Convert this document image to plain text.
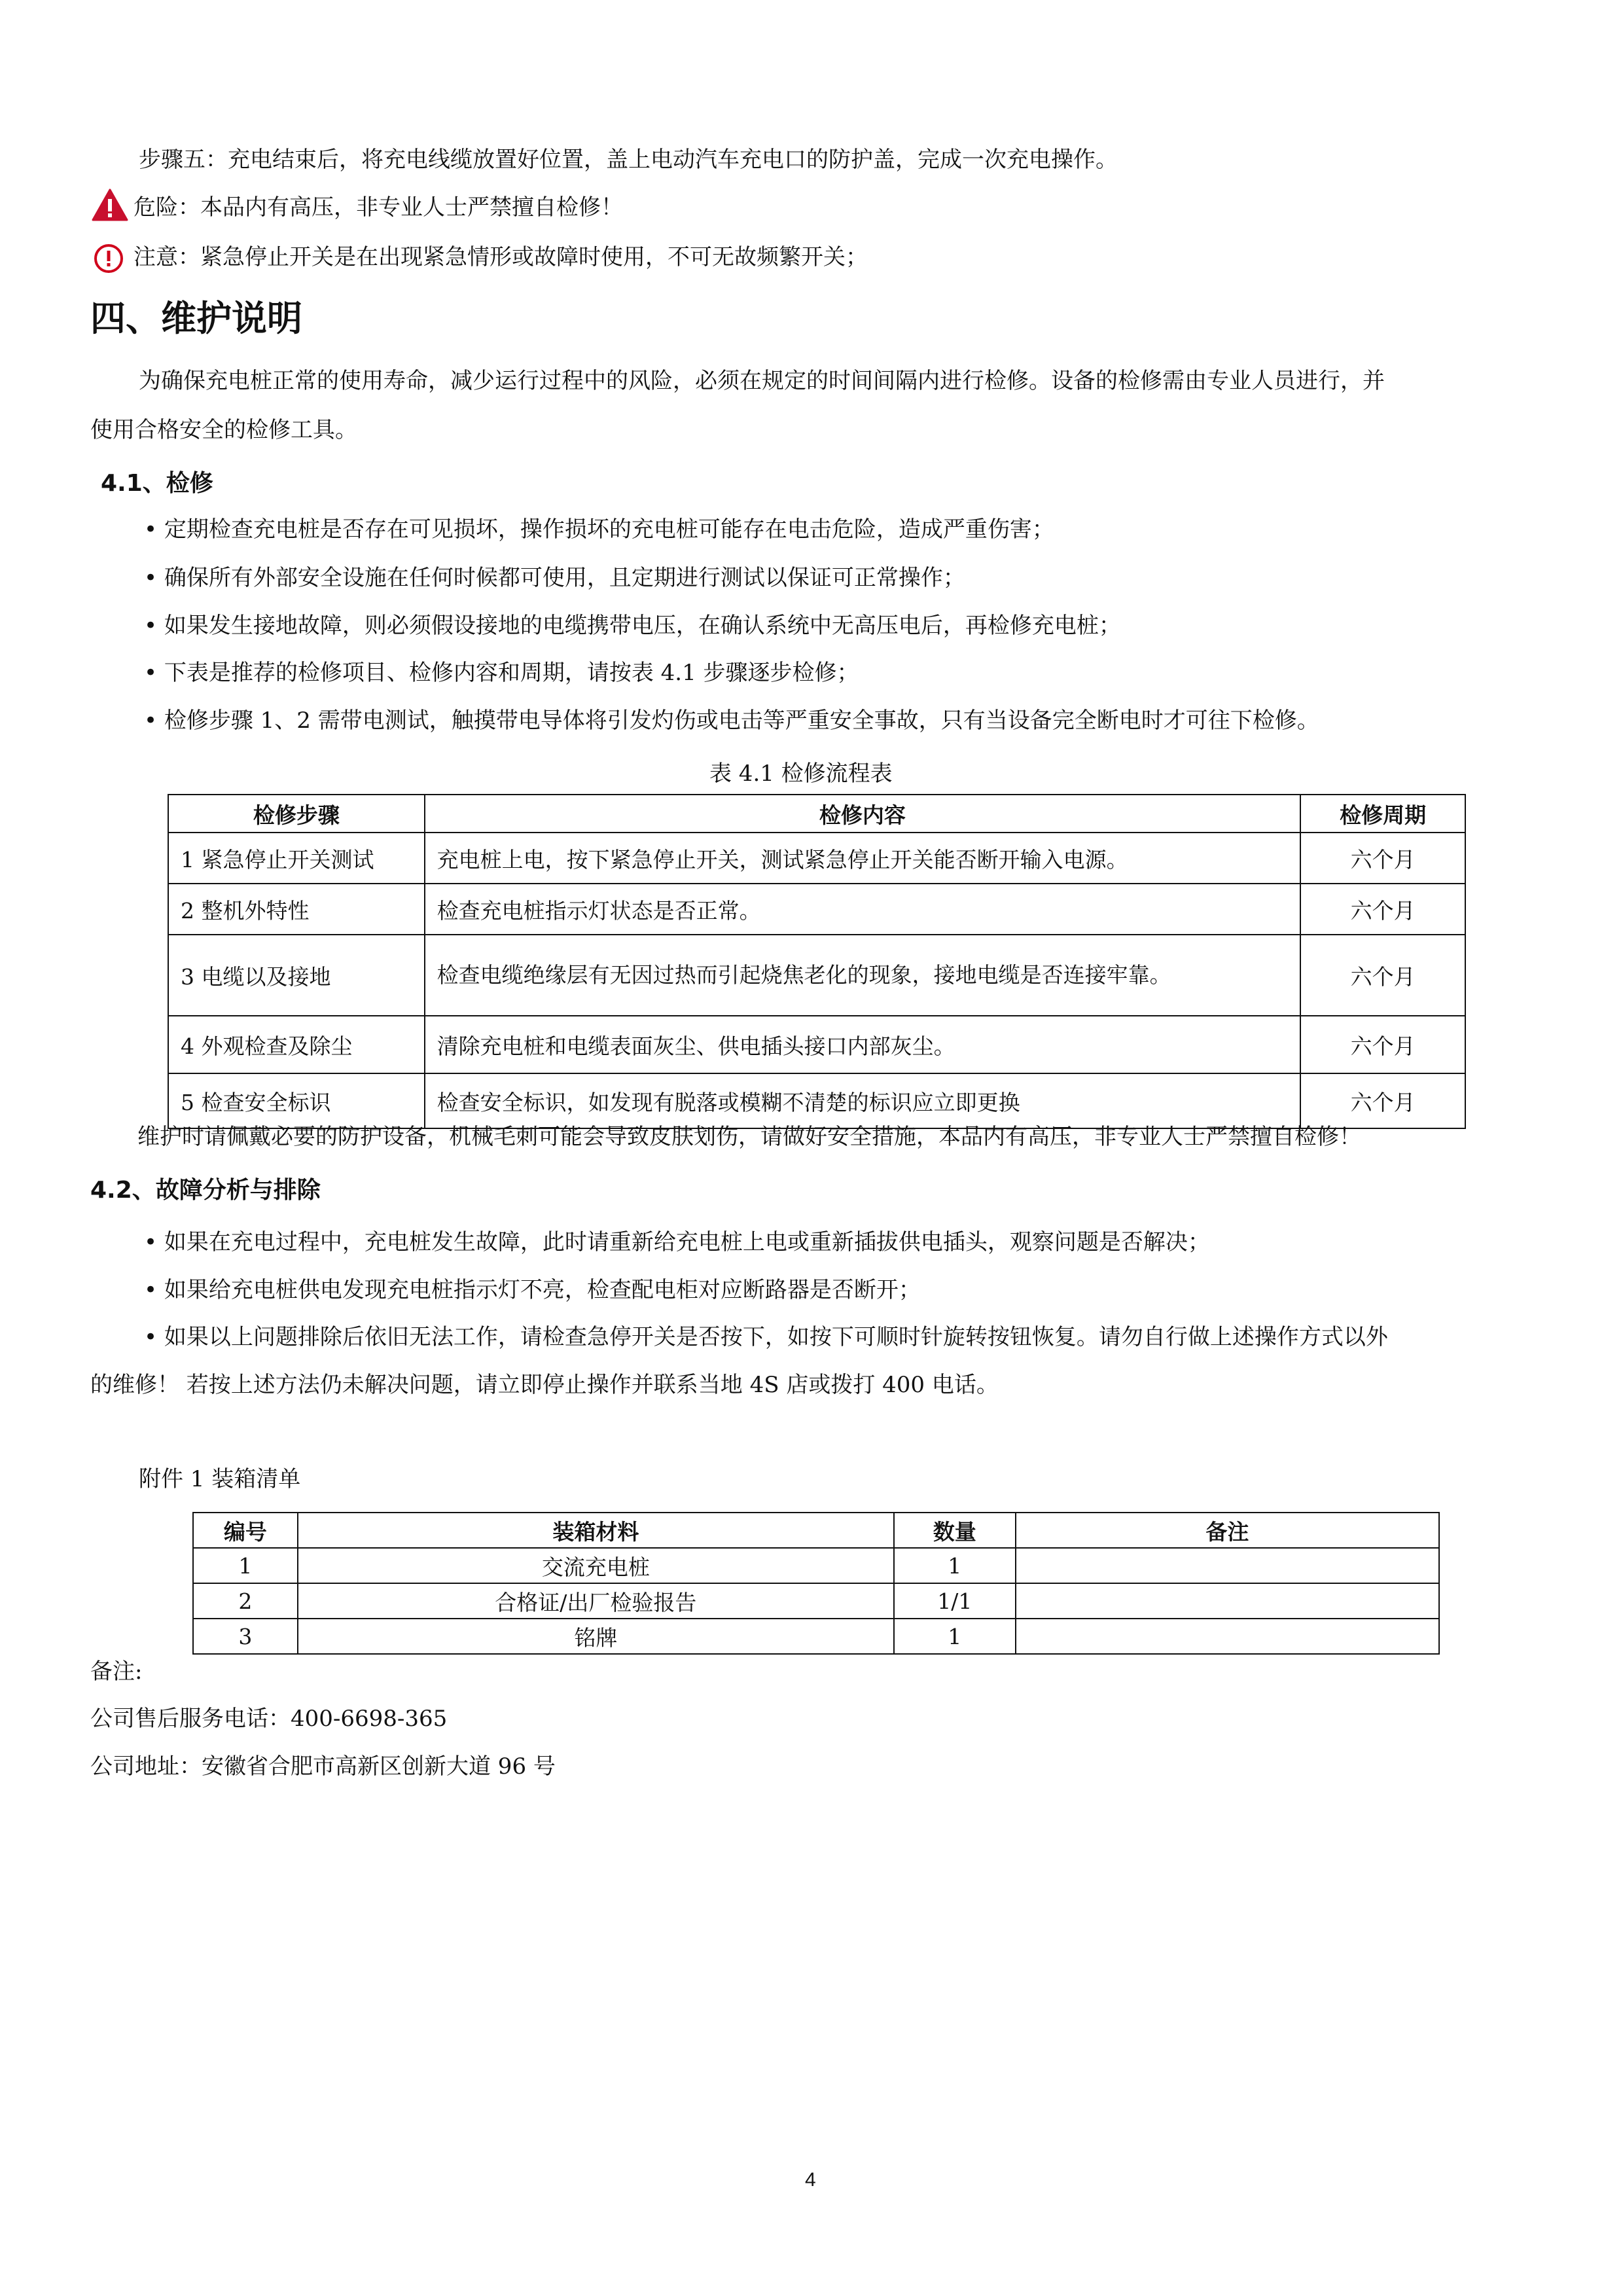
步骤五：充电结束后，将充电线缆放置好位置，盖上电动汽车充电口的防护盖，完成一次充电操作。
危险：本品内有高压，非专业人士严禁擅自检修！
注意：紧急停止开关是在出现紧急情形或故障时使用，不可无故频繁开关；
四、维护说明
为确保充电桩正常的使用寿命，减少运行过程中的风险，必须在规定的时间间隔内进行检修。设备的检修需由专业人员进行，并
使用合格安全的检修工具。
4.1、检修
• 定期检查充电桩是否存在可见损坏，操作损坏的充电桩可能存在电击危险，造成严重伤害；
• 确保所有外部安全设施在任何时候都可使用，且定期进行测试以保证可正常操作；
• 如果发生接地故障，则必须假设接地的电缆携带电压，在确认系统中无高压电后，再检修充电桩；
• 下表是推荐的检修项目、检修内容和周期，请按表 4.1 步骤逐步检修；
• 检修步骤 1、2 需带电测试，触摸带电导体将引发灼伤或电击等严重安全事故，只有当设备完全断电时才可往下检修。
表 4.1 检修流程表
检修步骤	检修内容	检修周期
1 紧急停止开关测试	充电桩上电，按下紧急停止开关，测试紧急停止开关能否断开输入电源。	六个月
2 整机外特性	检查充电桩指示灯状态是否正常。	六个月
3 电缆以及接地	检查电缆绝缘层有无因过热而引起烧焦老化的现象，接地电缆是否连接牢靠。	六个月
4 外观检查及除尘	清除充电桩和电缆表面灰尘、供电插头接口内部灰尘。	六个月
5 检查安全标识	检查安全标识，如发现有脱落或模糊不清楚的标识应立即更换	六个月
维护时请佩戴必要的防护设备，机械毛刺可能会导致皮肤划伤，请做好安全措施，本品内有高压，非专业人士严禁擅自检修！
4.2、故障分析与排除
• 如果在充电过程中，充电桩发生故障，此时请重新给充电桩上电或重新插拔供电插头，观察问题是否解决；
• 如果给充电桩供电发现充电桩指示灯不亮，检查配电柜对应断路器是否断开；
• 如果以上问题排除后依旧无法工作，请检查急停开关是否按下，如按下可顺时针旋转按钮恢复。请勿自行做上述操作方式以外
的维修！ 若按上述方法仍未解决问题，请立即停止操作并联系当地 4S 店或拨打 400 电话。
附件 1 装箱清单
编号	装箱材料	数量	备注
1	交流充电桩	1	
2	合格证/出厂检验报告	1/1	
3	铭牌	1	
备注:
公司售后服务电话：400-6698-365
公司地址：安徽省合肥市高新区创新大道 96 号
4
